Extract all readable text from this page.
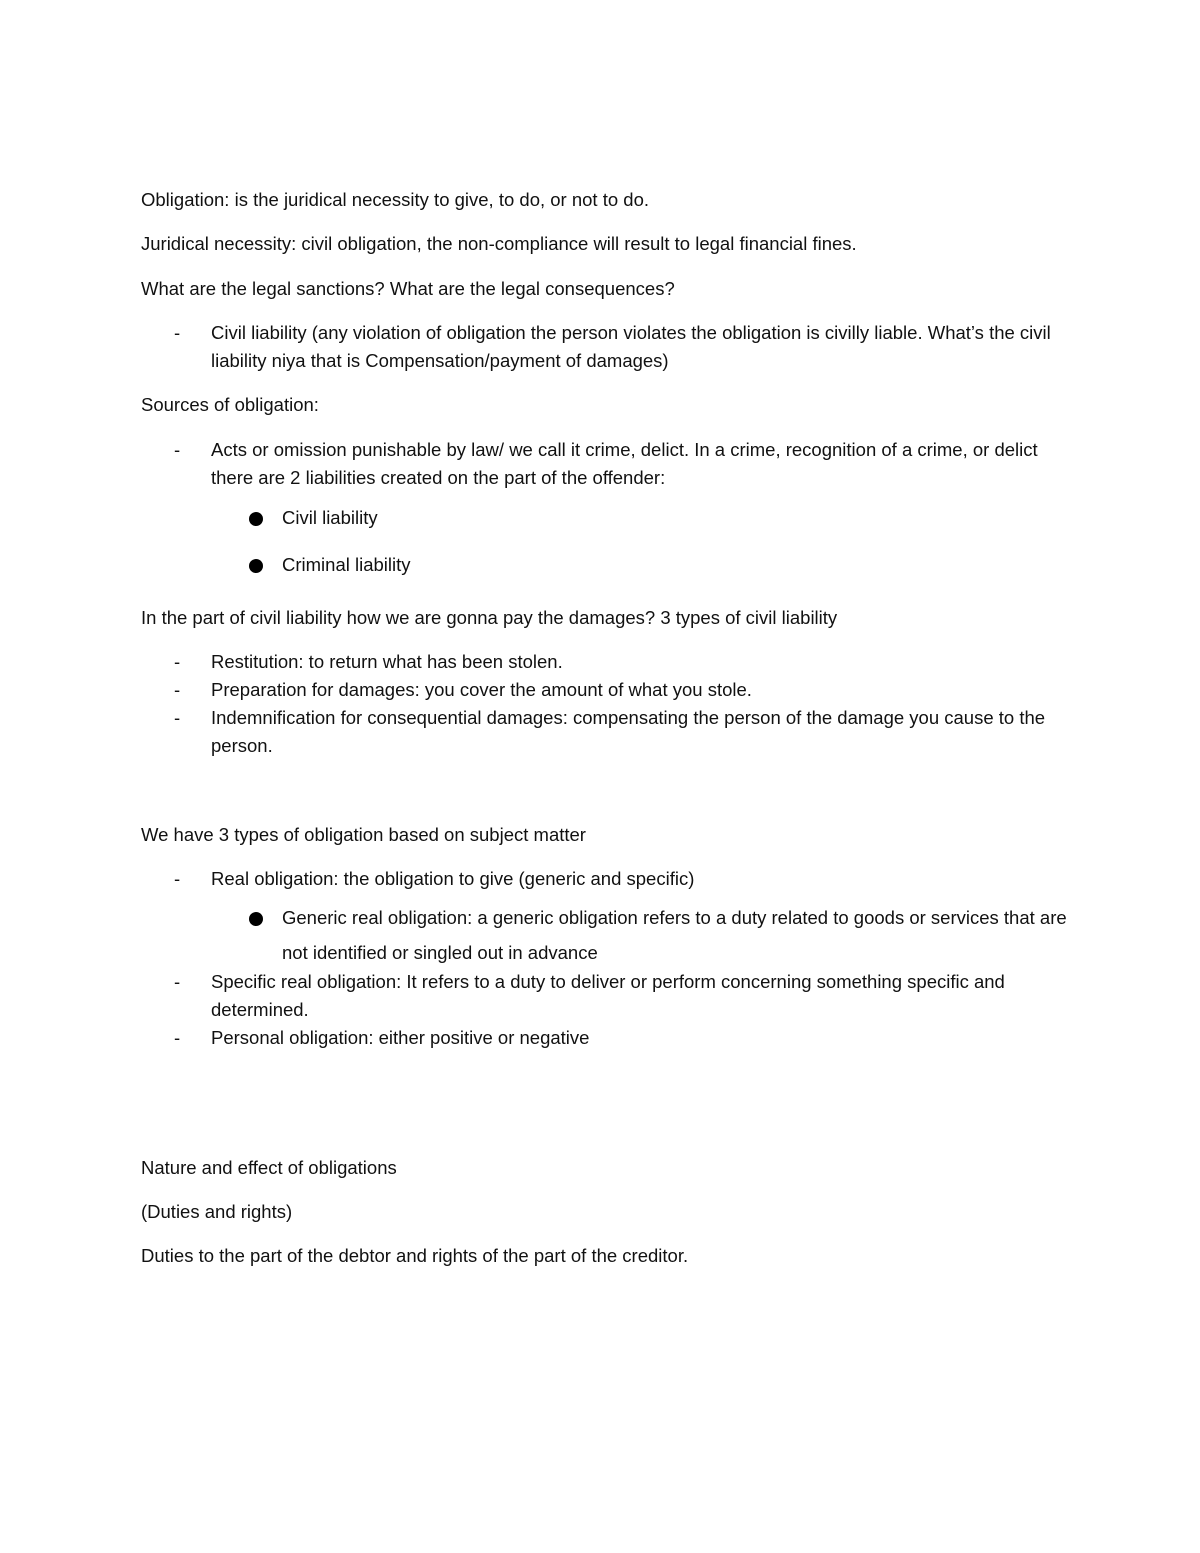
Obligation: is the juridical necessity to give, to do, or not to do.

Juridical necessity: civil obligation, the non-compliance will result to legal financial fines.

What are the legal sanctions? What are the legal consequences?

-	Civil liability (any violation of obligation the person violates the obligation is civilly liable. What’s the civil liability niya that is Compensation/payment of damages)

Sources of obligation:

-	Acts or omission punishable by law/ we call it crime, delict. In a crime, recognition of a crime, or delict there are 2 liabilities created on the part of the offender:
Civil liability
Criminal liability

In the part of civil liability how we are gonna pay the damages? 3 types of civil liability

-	Restitution: to return what has been stolen.
-	Preparation for damages: you cover the amount of what you stole.
-	Indemnification for consequential damages: compensating the person of the damage you cause to the person.

We have 3 types of obligation based on subject matter

-	Real obligation: the obligation to give (generic and specific)
Generic real obligation: a generic obligation refers to a duty related to goods or services that are not identified or singled out in advance
-	Specific real obligation: It refers to a duty to deliver or perform concerning something specific and determined.
-	Personal obligation: either positive or negative

Nature and effect of obligations

(Duties and rights)

Duties to the part of the debtor and rights of the part of the creditor.
